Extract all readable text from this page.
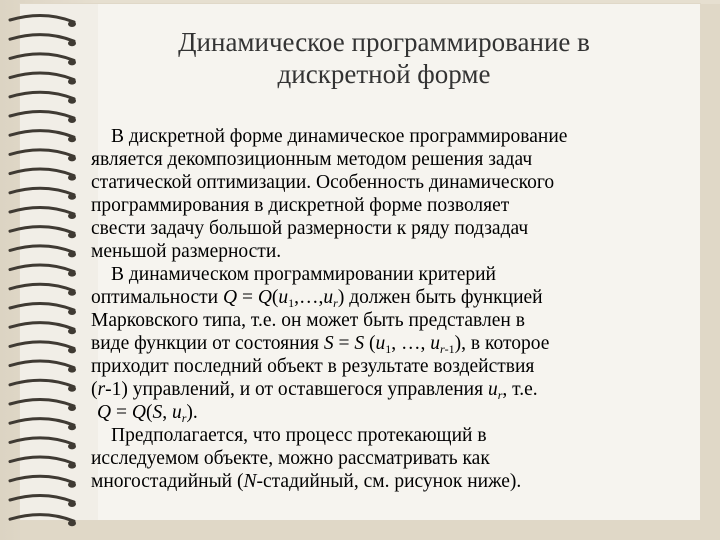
Динамическое программирование в
дискретной форме

В дискретной форме динамическое программирование

является декомпозиционным методом решения задач

статической оптимизации. Особенность динамического

программирования в дискретной форме позволяет

свести задачу большой размерности к ряду подзадач

меньшой размерности.

В динамическом программировании критерий

оптимальности $Q = Q(u_1,\dots,u_r)$ должен быть функцией

Марковского типа, т.е. он может быть представлен в

виде функции от состояния S = S ($u_1$, …, $u_{r-1}$), в которое

приходит последний объект в результате воздействия

(r-1) управлений, и от оставшегося управления $u_r$, т.е.

Q = Q(S, $u_r$).

Предполагается, что процесс протекающий в

исследуемом объекте, можно рассматривать как

многостадийный (N-стадийный, см. рисунок ниже).
